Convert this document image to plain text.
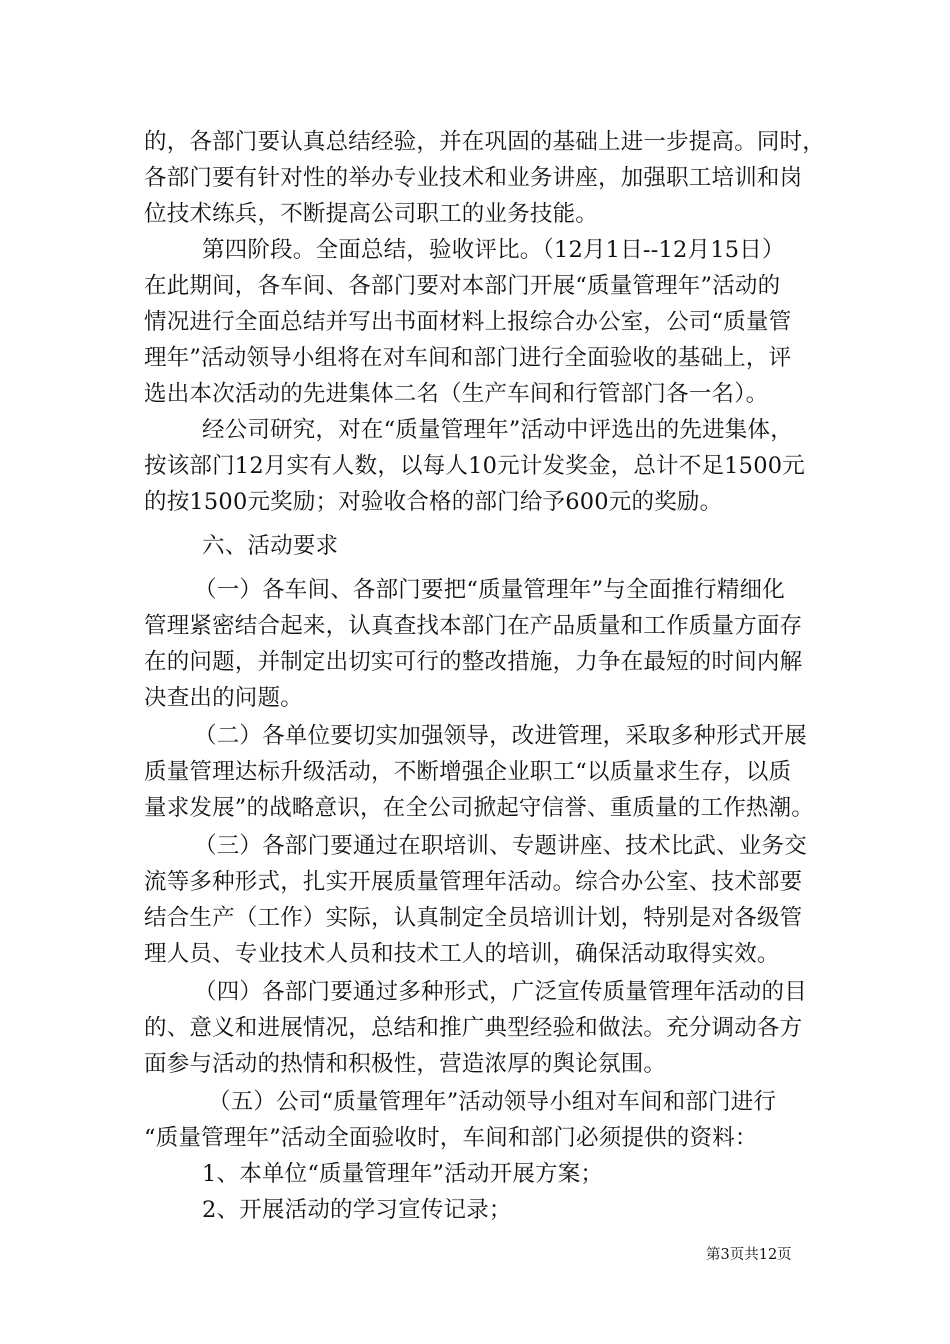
的，各部门要认真总结经验，并在巩固的基础上进一步提高。同时，
各部门要有针对性的举办专业技术和业务讲座，加强职工培训和岗
位技术练兵，不断提高公司职工的业务技能。
第四阶段。全面总结，验收评比。（12月1日--12月15日）
在此期间，各车间、各部门要对本部门开展“质量管理年”活动的
情况进行全面总结并写出书面材料上报综合办公室，公司“质量管
理年”活动领导小组将在对车间和部门进行全面验收的基础上，评
选出本次活动的先进集体二名（生产车间和行管部门各一名）。
经公司研究，对在“质量管理年”活动中评选出的先进集体，
按该部门12月实有人数，以每人10元计发奖金，总计不足1500元
的按1500元奖励；对验收合格的部门给予600元的奖励。
六、活动要求
（一）各车间、各部门要把“质量管理年”与全面推行精细化
管理紧密结合起来，认真查找本部门在产品质量和工作质量方面存
在的问题，并制定出切实可行的整改措施，力争在最短的时间内解
决查出的问题。
（二）各单位要切实加强领导，改进管理，采取多种形式开展
质量管理达标升级活动，不断增强企业职工“以质量求生存，以质
量求发展”的战略意识，在全公司掀起守信誉、重质量的工作热潮。
（三）各部门要通过在职培训、专题讲座、技术比武、业务交
流等多种形式，扎实开展质量管理年活动。综合办公室、技术部要
结合生产（工作）实际，认真制定全员培训计划，特别是对各级管
理人员、专业技术人员和技术工人的培训，确保活动取得实效。
（四）各部门要通过多种形式，广泛宣传质量管理年活动的目
的、意义和进展情况，总结和推广典型经验和做法。充分调动各方
面参与活动的热情和积极性，营造浓厚的舆论氛围。
（五）公司“质量管理年”活动领导小组对车间和部门进行
“质量管理年”活动全面验收时，车间和部门必须提供的资料：
1、本单位“质量管理年”活动开展方案；
2、开展活动的学习宣传记录；
第3页共12页
